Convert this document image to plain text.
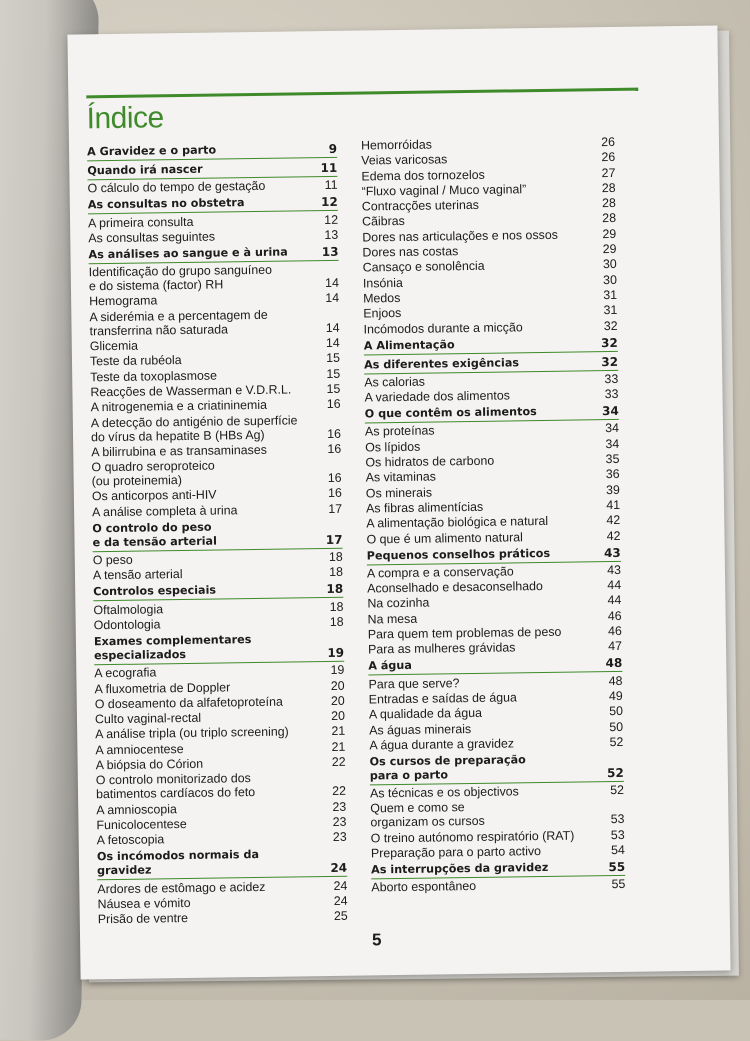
Índice
A Gravidez e o parto	9
Quando irá nascer	11
O cálculo do tempo de gestação	11
As consultas no obstetra	12
A primeira consulta	12
As consultas seguintes	13
As análises ao sangue e à urina	13
Identificação do grupo sanguíneo
e do sistema (factor) RH	14
Hemograma	14
A siderémia e a percentagem de
transferrina não saturada	14
Glicemia	14
Teste da rubéola	15
Teste da toxoplasmose	15
Reacções de Wasserman e V.D.R.L.	15
A nitrogenemia e a criatininemia	16
A detecção do antigénio de superfície
do vírus da hepatite B (HBs Ag)	16
A bilirrubina e as transaminases	16
O quadro seroproteico
(ou proteinemia)	16
Os anticorpos anti-HIV	16
A análise completa à urina	17
O controlo do peso
e da tensão arterial	17
O peso	18
A tensão arterial	18
Controlos especiais	18
Oftalmologia	18
Odontologia	18
Exames complementares
especializados	19
A ecografia	19
A fluxometria de Doppler	20
O doseamento da alfafetoproteína	20
Culto vaginal-rectal	20
A análise tripla (ou triplo screening)	21
A amniocentese	21
A biópsia do Córion	22
O controlo monitorizado dos
batimentos cardíacos do feto	22
A amnioscopia	23
Funicolocentese	23
A fetoscopia	23
Os incómodos normais da gravidez	24
Ardores de estômago e acidez	24
Náusea e vómito	24
Prisão de ventre	25
Hemorróidas	26
Veias varicosas	26
Edema dos tornozelos	27
“Fluxo vaginal / Muco vaginal”	28
Contracções uterinas	28
Cãibras	28
Dores nas articulações e nos ossos	29
Dores nas costas	29
Cansaço e sonolência	30
Insónia	30
Medos	31
Enjoos	31
Incómodos durante a micção	32
A Alimentação	32
As diferentes exigências	32
As calorias	33
A variedade dos alimentos	33
O que contêm os alimentos	34
As proteínas	34
Os lípidos	34
Os hidratos de carbono	35
As vitaminas	36
Os minerais	39
As fibras alimentícias	41
A alimentação biológica e natural	42
O que é um alimento natural	42
Pequenos conselhos práticos	43
A compra e a conservação	43
Aconselhado e desaconselhado	44
Na cozinha	44
Na mesa	46
Para quem tem problemas de peso	46
Para as mulheres grávidas	47
A água	48
Para que serve?	48
Entradas e saídas de água	49
A qualidade da água	50
As águas minerais	50
A água durante a gravidez	52
Os cursos de preparação
para o parto	52
As técnicas e os objectivos	52
Quem e como se
organizam os cursos	53
O treino autónomo respiratório (RAT)	53
Preparação para o parto activo	54
As interrupções da gravidez	55
Aborto espontâneo	55
5
